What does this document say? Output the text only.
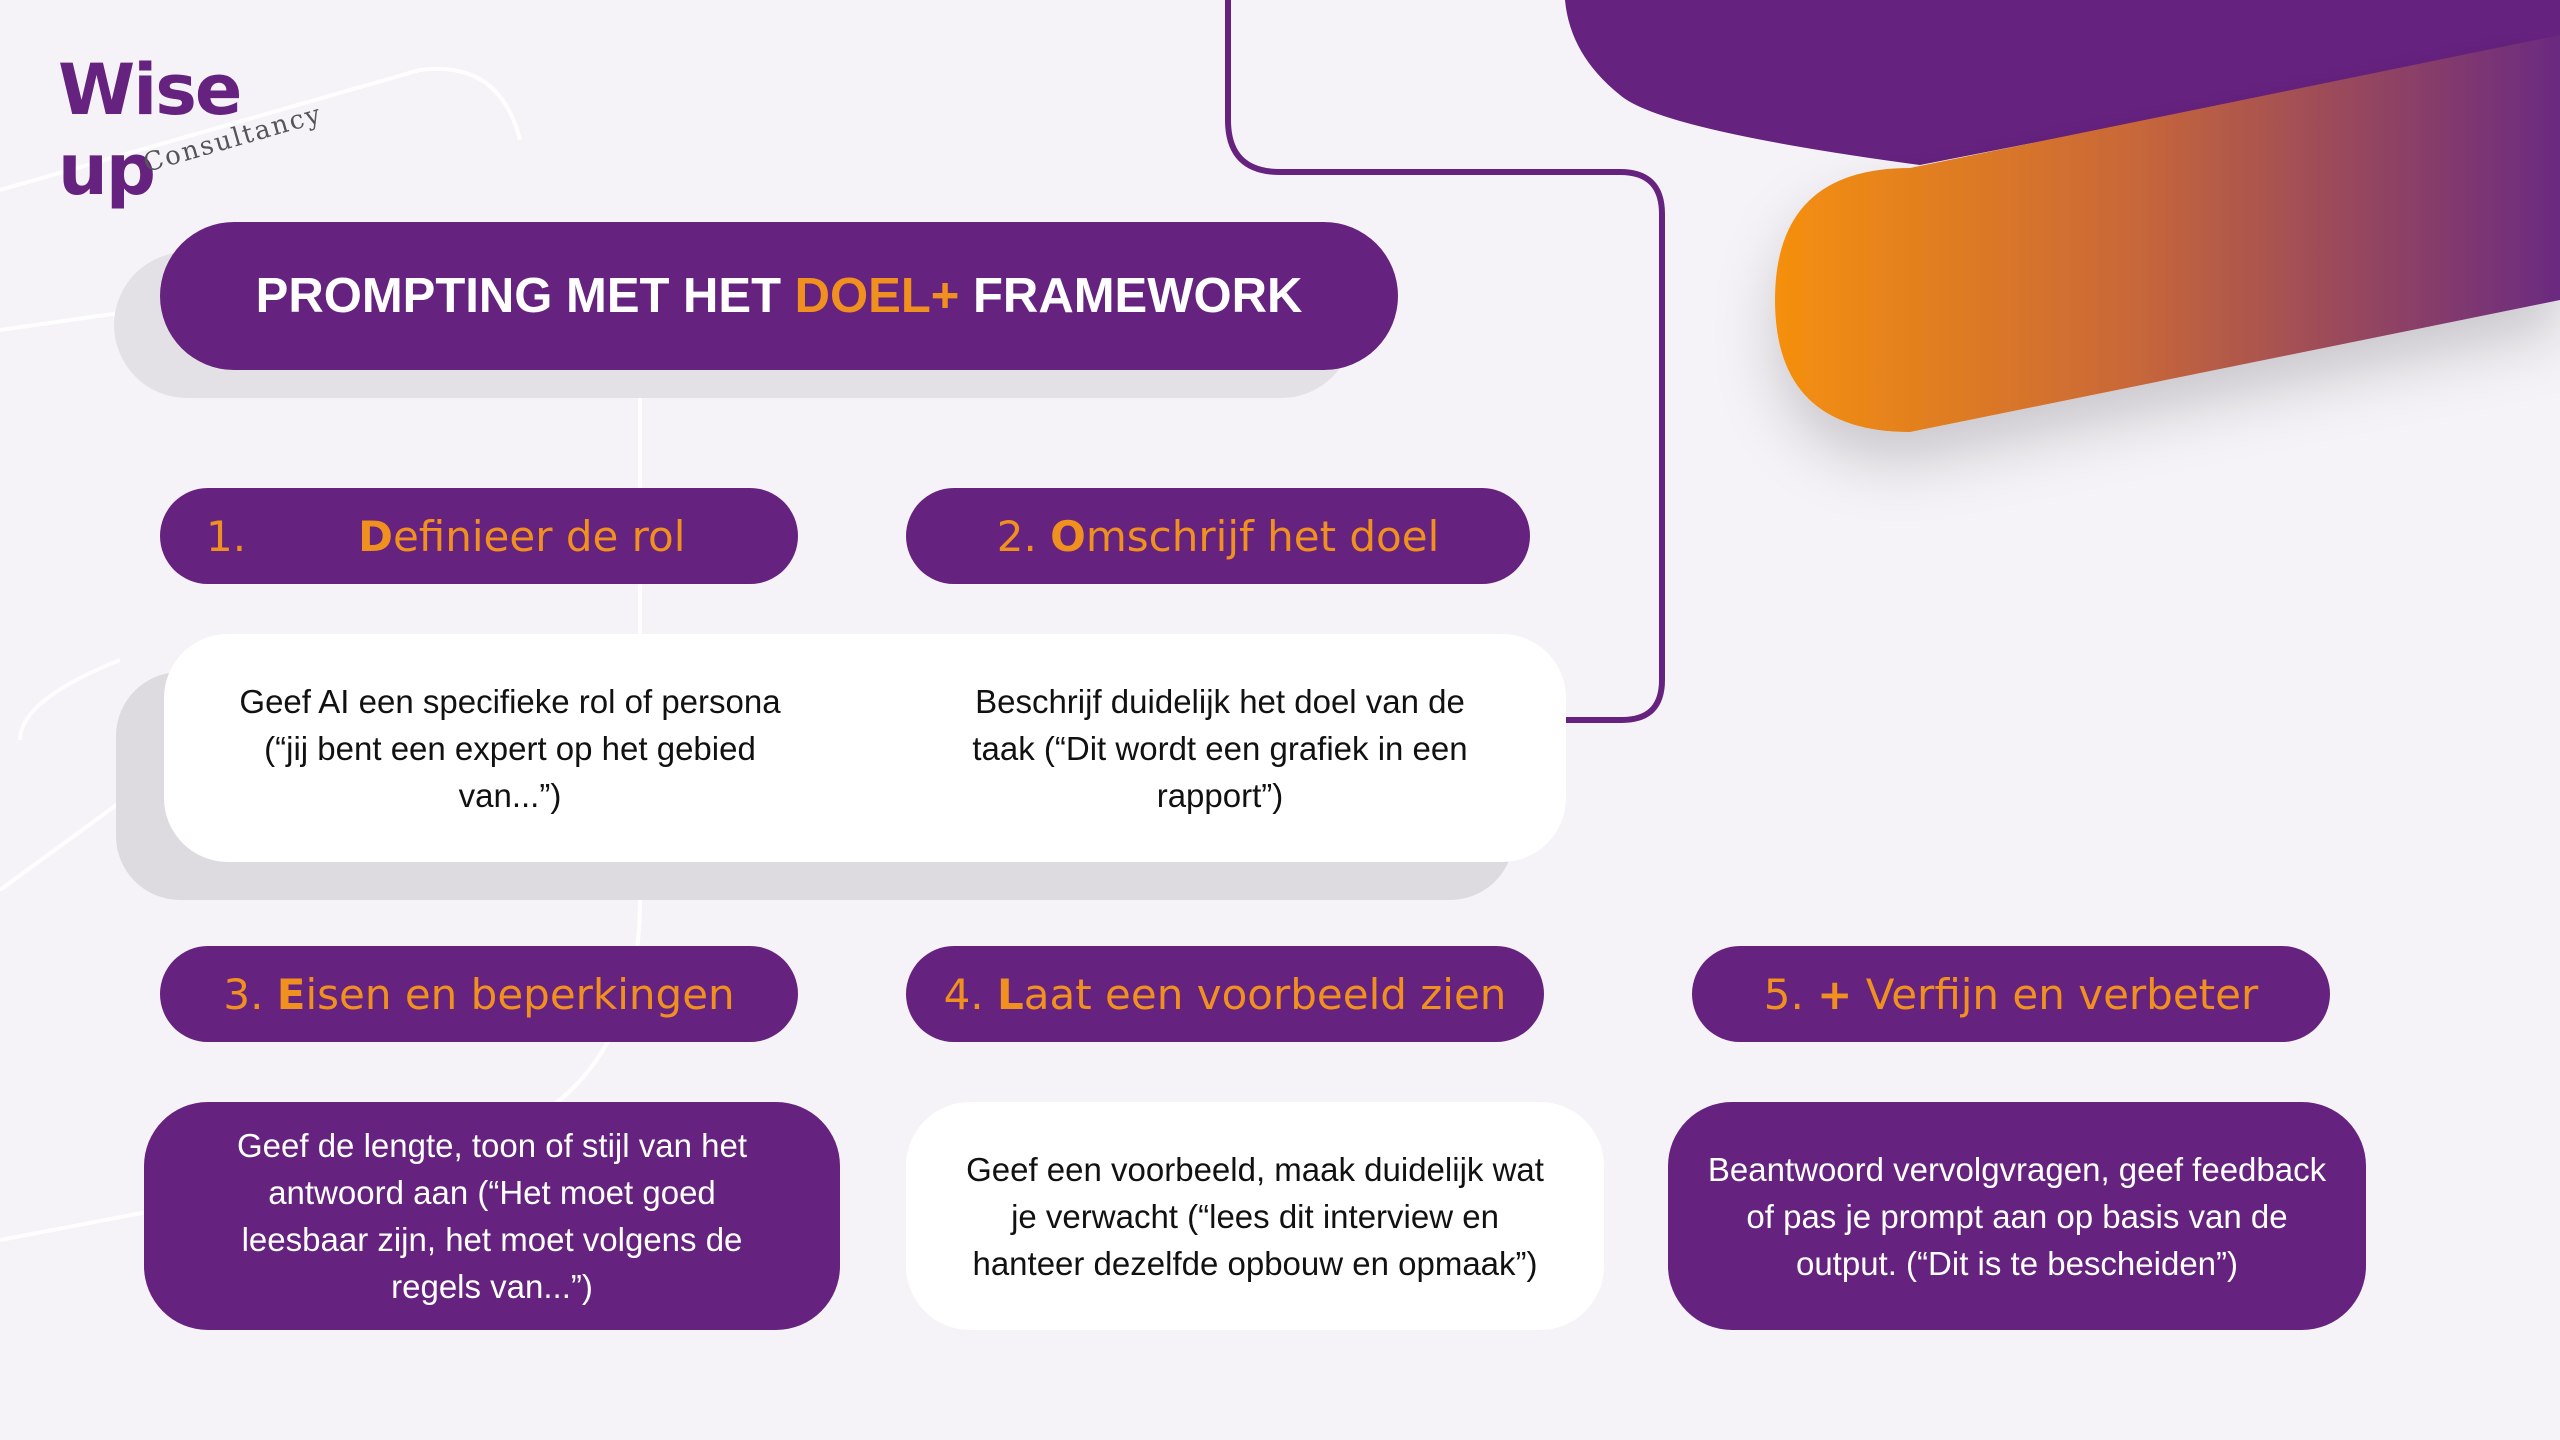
Wise up
Consultancy
PROMPTING MET HET DOEL+ FRAMEWORK
1.	Definieer de rol	2.
O mschrijf het doel
3.
E isen en beperkingen	4.
L aat een voorbeeld zien	5.
+
Verfijn en verbeter
Geef AI een specifieke rol of persona (“jij bent een expert op het gebied van...”)
Beschrijf duidelijk het doel van de taak (“Dit wordt een grafiek in een rapport”)
Geef de lengte, toon of stijl van het antwoord aan (“Het moet goed leesbaar zijn, het moet volgens de regels van...”)
Geef een voorbeeld, maak duidelijk wat je verwacht (“lees dit interview en hanteer dezelfde opbouw en opmaak”)
Beantwoord vervolgvragen, geef feedback of pas je prompt aan op basis van de output. (“Dit is te bescheiden”)
